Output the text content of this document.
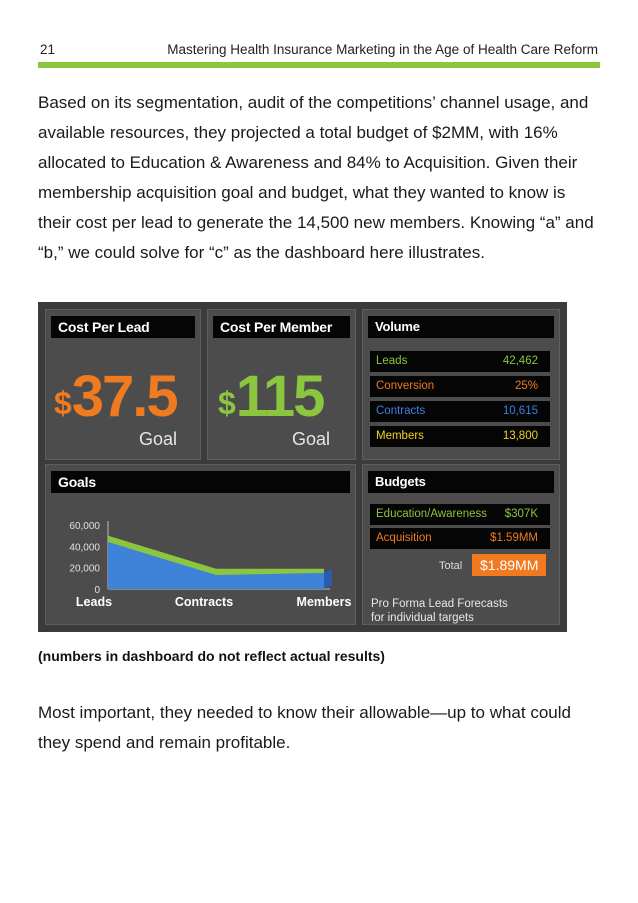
21	Mastering Health Insurance Marketing in the Age of Health Care Reform
Based on its segmentation, audit of the competitions’ channel usage, and available resources, they projected a total budget of $2MM, with 16% allocated to Education & Awareness and 84% to Acquisition. Given their membership acquisition goal and budget, what they wanted to know is their cost per lead to generate the 14,500 new members. Knowing “a” and “b,” we could solve for “c” as the dashboard here illustrates.
Cost Per Lead
$37.5
Goal
Cost Per Member
$115
Goal
Volume
Leads	42,462
Conversion	25%
Contracts	10,615
Members	13,800
Goals
60,000
40,000
20,000
0
Leads	Contracts	Members
Budgets
Education/Awareness $307K
Acquisition	$1.59MM
Total	$1.89MM
Pro Forma Lead Forecasts
for individual targets
(numbers in dashboard do not reflect actual results)
Most important, they needed to know their allowable—up to what could they spend and remain profitable.
